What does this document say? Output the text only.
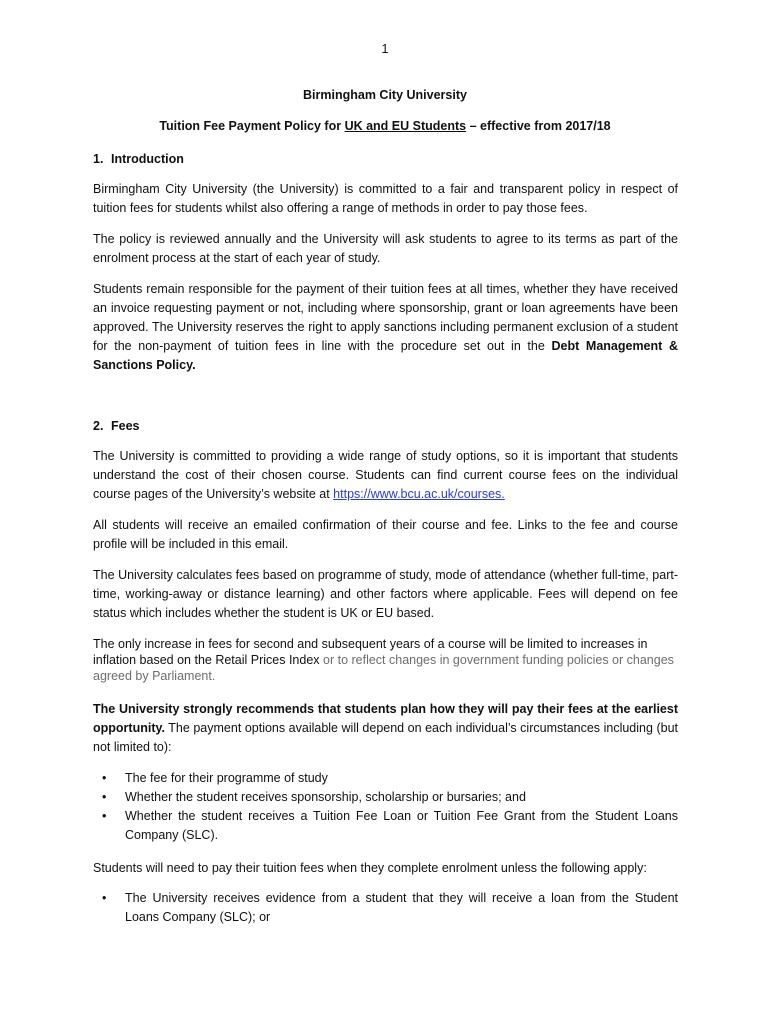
1
Birmingham City University
Tuition Fee Payment Policy for UK and EU Students – effective from 2017/18
1. Introduction

Birmingham City University (the University) is committed to a fair and transparent policy in respect of tuition fees for students whilst also offering a range of methods in order to pay those fees.

The policy is reviewed annually and the University will ask students to agree to its terms as part of the enrolment process at the start of each year of study.

Students remain responsible for the payment of their tuition fees at all times, whether they have received an invoice requesting payment or not, including where sponsorship, grant or loan agreements have been approved. The University reserves the right to apply sanctions including permanent exclusion of a student for the non-payment of tuition fees in line with the procedure set out in the Debt Management & Sanctions Policy.

2. Fees

The University is committed to providing a wide range of study options, so it is important that students understand the cost of their chosen course. Students can find current course fees on the individual course pages of the University’s website at https://www.bcu.ac.uk/courses.

All students will receive an emailed confirmation of their course and fee. Links to the fee and course profile will be included in this email.

The University calculates fees based on programme of study, mode of attendance (whether full-time, part-time, working-away or distance learning) and other factors where applicable. Fees will depend on fee status which includes whether the student is UK or EU based.

The only increase in fees for second and subsequent years of a course will be limited to increases in inflation based on the Retail Prices Index or to reflect changes in government funding policies or changes agreed by Parliament.

The University strongly recommends that students plan how they will pay their fees at the earliest opportunity. The payment options available will depend on each individual’s circumstances including (but not limited to):

• The fee for their programme of study
• Whether the student receives sponsorship, scholarship or bursaries; and
• Whether the student receives a Tuition Fee Loan or Tuition Fee Grant from the Student Loans Company (SLC).

Students will need to pay their tuition fees when they complete enrolment unless the following apply:

• The University receives evidence from a student that they will receive a loan from the Student Loans Company (SLC); or
